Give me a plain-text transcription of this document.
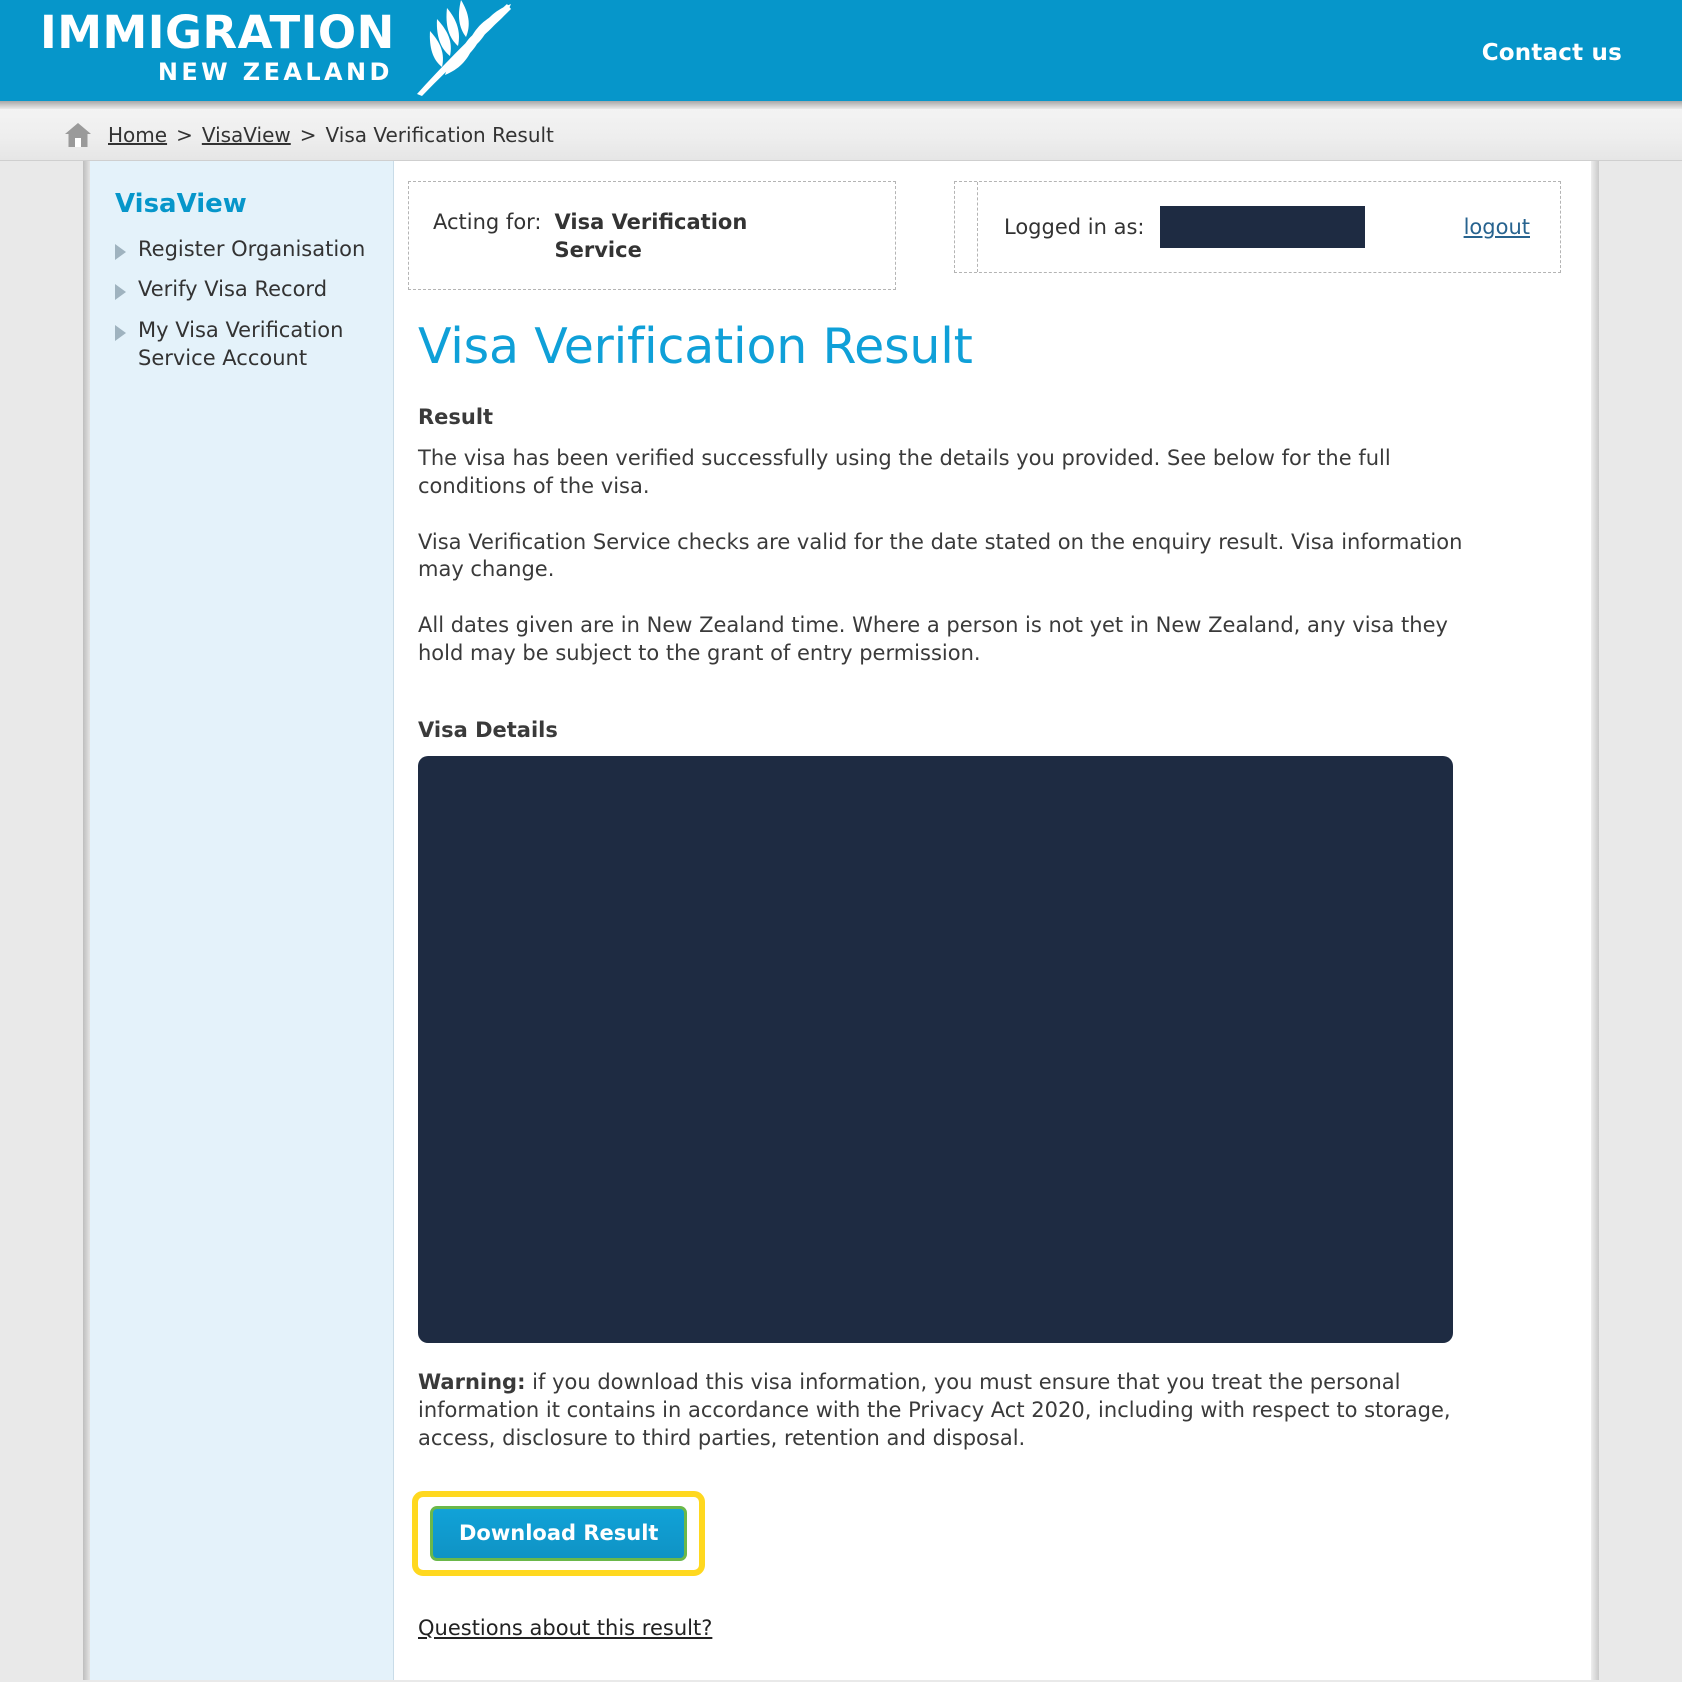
IMMIGRATION
NEW ZEALAND
Contact us
Home > VisaView > Visa Verification Result
VisaView
Register Organisation
Verify Visa Record
My Visa Verification Service Account
Acting for: Visa Verification Service
Logged in as:	logout
Visa Verification Result
Result

The visa has been verified successfully using the details you provided. See below for the full conditions of the visa.

Visa Verification Service checks are valid for the date stated on the enquiry result. Visa information may change.

All dates given are in New Zealand time. Where a person is not yet in New Zealand, any visa they hold may be subject to the grant of entry permission.

Visa Details

Warning: if you download this visa information, you must ensure that you treat the personal information it contains in accordance with the Privacy Act 2020, including with respect to storage, access, disclosure to third parties, retention and disposal.

Download Result
Questions about this result?
